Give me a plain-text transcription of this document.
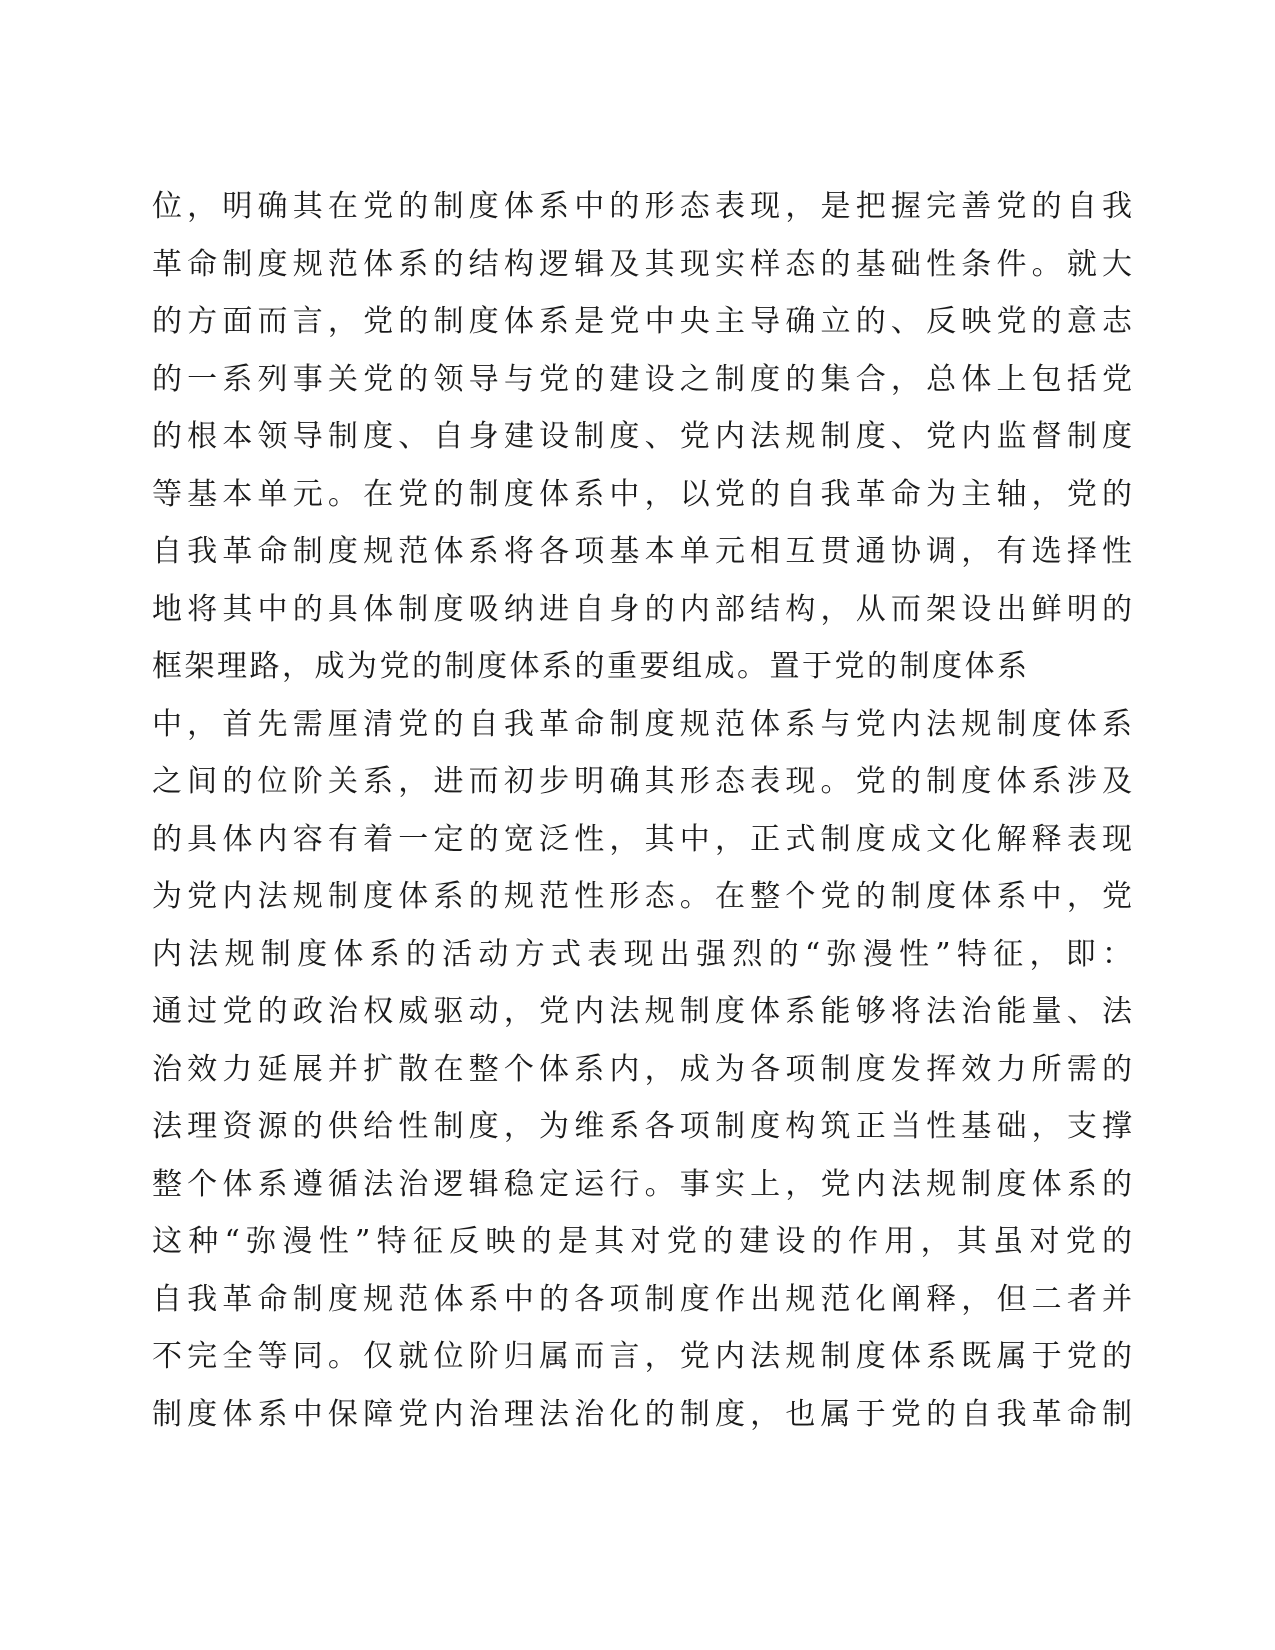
位，明确其在党的制度体系中的形态表现，是把握完善党的自我
革命制度规范体系的结构逻辑及其现实样态的基础性条件。就大
的方面而言，党的制度体系是党中央主导确立的、反映党的意志
的一系列事关党的领导与党的建设之制度的集合，总体上包括党
的根本领导制度、自身建设制度、党内法规制度、党内监督制度
等基本单元。在党的制度体系中，以党的自我革命为主轴，党的
自我革命制度规范体系将各项基本单元相互贯通协调，有选择性
地将其中的具体制度吸纳进自身的内部结构，从而架设出鲜明的
框架理路，成为党的制度体系的重要组成。置于党的制度体系
中，首先需厘清党的自我革命制度规范体系与党内法规制度体系
之间的位阶关系，进而初步明确其形态表现。党的制度体系涉及
的具体内容有着一定的宽泛性，其中，正式制度成文化解释表现
为党内法规制度体系的规范性形态。在整个党的制度体系中，党
内法规制度体系的活动方式表现出强烈的“弥漫性”特征，即：
通过党的政治权威驱动，党内法规制度体系能够将法治能量、法
治效力延展并扩散在整个体系内，成为各项制度发挥效力所需的
法理资源的供给性制度，为维系各项制度构筑正当性基础，支撑
整个体系遵循法治逻辑稳定运行。事实上，党内法规制度体系的
这种“弥漫性”特征反映的是其对党的建设的作用，其虽对党的
自我革命制度规范体系中的各项制度作出规范化阐释，但二者并
不完全等同。仅就位阶归属而言，党内法规制度体系既属于党的
制度体系中保障党内治理法治化的制度，也属于党的自我革命制
